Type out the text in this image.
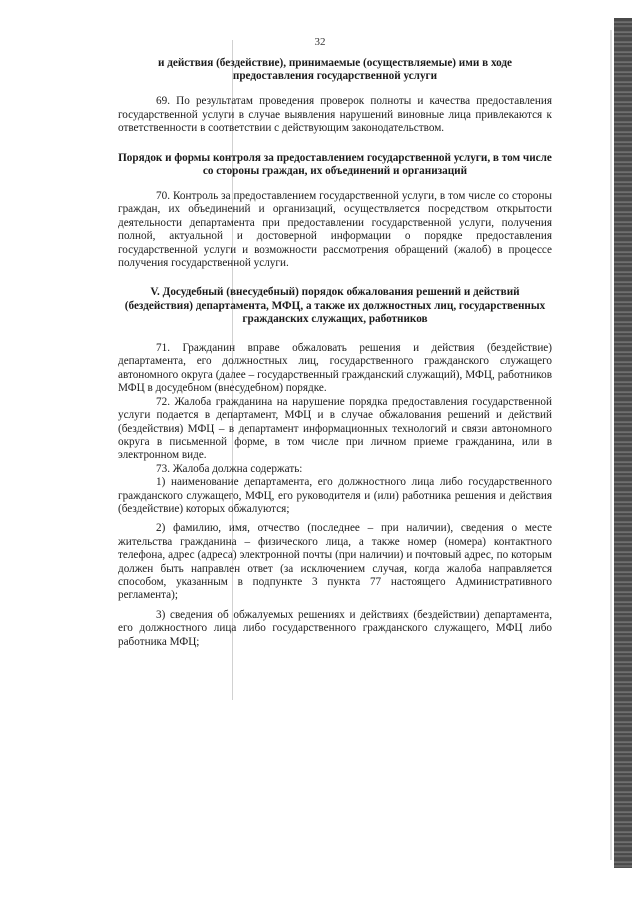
32

и действия (бездействие), принимаемые (осуществляемые) ими в ходе предоставления государственной услуги

69. По результатам проведения проверок полноты и качества предоставления государственной услуги в случае выявления нарушений виновные лица привлекаются к ответственности в соответствии с действующим законодательством.

Порядок и формы контроля за предоставлением государственной услуги, в том числе со стороны граждан, их объединений и организаций

70. Контроль за предоставлением государственной услуги, в том числе со стороны граждан, их объединений и организаций, осуществляется посредством открытости деятельности департамента при предоставлении государственной услуги, получения полной, актуальной и достоверной информации о порядке предоставления государственной услуги и возможности рассмотрения обращений (жалоб) в процессе получения государственной услуги.

V. Досудебный (внесудебный) порядок обжалования решений и действий (бездействия) департамента, МФЦ, а также их должностных лиц, государственных гражданских служащих, работников

71. Гражданин вправе обжаловать решения и действия (бездействие) департамента, его должностных лиц, государственного гражданского служащего автономного округа (далее – государственный гражданский служащий), МФЦ, работников МФЦ в досудебном (внесудебном) порядке.

72. Жалоба гражданина на нарушение порядка предоставления государственной услуги подается в департамент, МФЦ и в случае обжалования решений и действий (бездействия) МФЦ – в департамент информационных технологий и связи автономного округа в письменной форме, в том числе при личном приеме гражданина, или в электронном виде.

73. Жалоба должна содержать:

1) наименование департамента, его должностного лица либо государственного гражданского служащего, МФЦ, его руководителя и (или) работника решения и действия (бездействие) которых обжалуются;

2) фамилию, имя, отчество (последнее – при наличии), сведения о месте жительства гражданина – физического лица, а также номер (номера) контактного телефона, адрес (адреса) электронной почты (при наличии) и почтовый адрес, по которым должен быть направлен ответ (за исключением случая, когда жалоба направляется способом, указанным в подпункте 3 пункта 77 настоящего Административного регламента);

3) сведения об обжалуемых решениях и действиях (бездействии) департамента, его должностного лица либо государственного гражданского служащего, МФЦ либо работника МФЦ;
